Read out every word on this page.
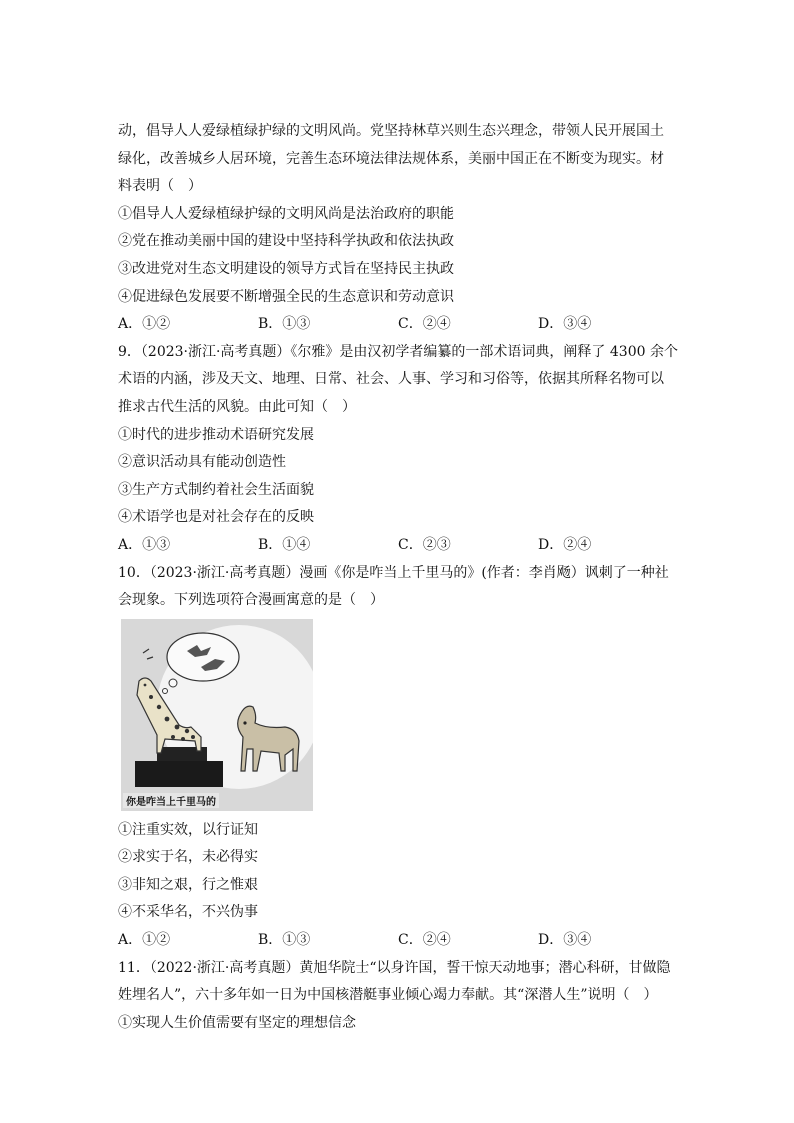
动，倡导人人爱绿植绿护绿的文明风尚。党坚持林草兴则生态兴理念，带领人民开展国土
绿化，改善城乡人居环境，完善生态环境法律法规体系，美丽中国正在不断变为现实。材
料表明（　）
①倡导人人爱绿植绿护绿的文明风尚是法治政府的职能
②党在推动美丽中国的建设中坚持科学执政和依法执政
③改进党对生态文明建设的领导方式旨在坚持民主执政
④促进绿色发展要不断增强全民的生态意识和劳动意识
A．①②	B．①③	C．②④	D．③④
9．（2023·浙江·高考真题）《尔雅》是由汉初学者编纂的一部术语词典，阐释了 4300 余个
术语的内涵，涉及天文、地理、日常、社会、人事、学习和习俗等，依据其所释名物可以
推求古代生活的风貌。由此可知（　）
①时代的进步推动术语研究发展
②意识活动具有能动创造性
③生产方式制约着社会生活面貌
④术语学也是对社会存在的反映
A．①③	B．①④	C．②③	D．②④
10．（2023·浙江·高考真题）漫画《你是咋当上千里马的》(作者：李肖飏）讽刺了一种社
会现象。下列选项符合漫画寓意的是（　）
你是咋当上千里马的
①注重实效，以行证知
②求实于名，未必得实
③非知之艰，行之惟艰
④不采华名，不兴伪事
A．①②	B．①③	C．②④	D．③④
11．（2022·浙江·高考真题）黄旭华院士“以身许国，誓干惊天动地事；潜心科研，甘做隐
姓埋名人”，六十多年如一日为中国核潜艇事业倾心竭力奉献。其“深潜人生”说明（　）
①实现人生价值需要有坚定的理想信念
